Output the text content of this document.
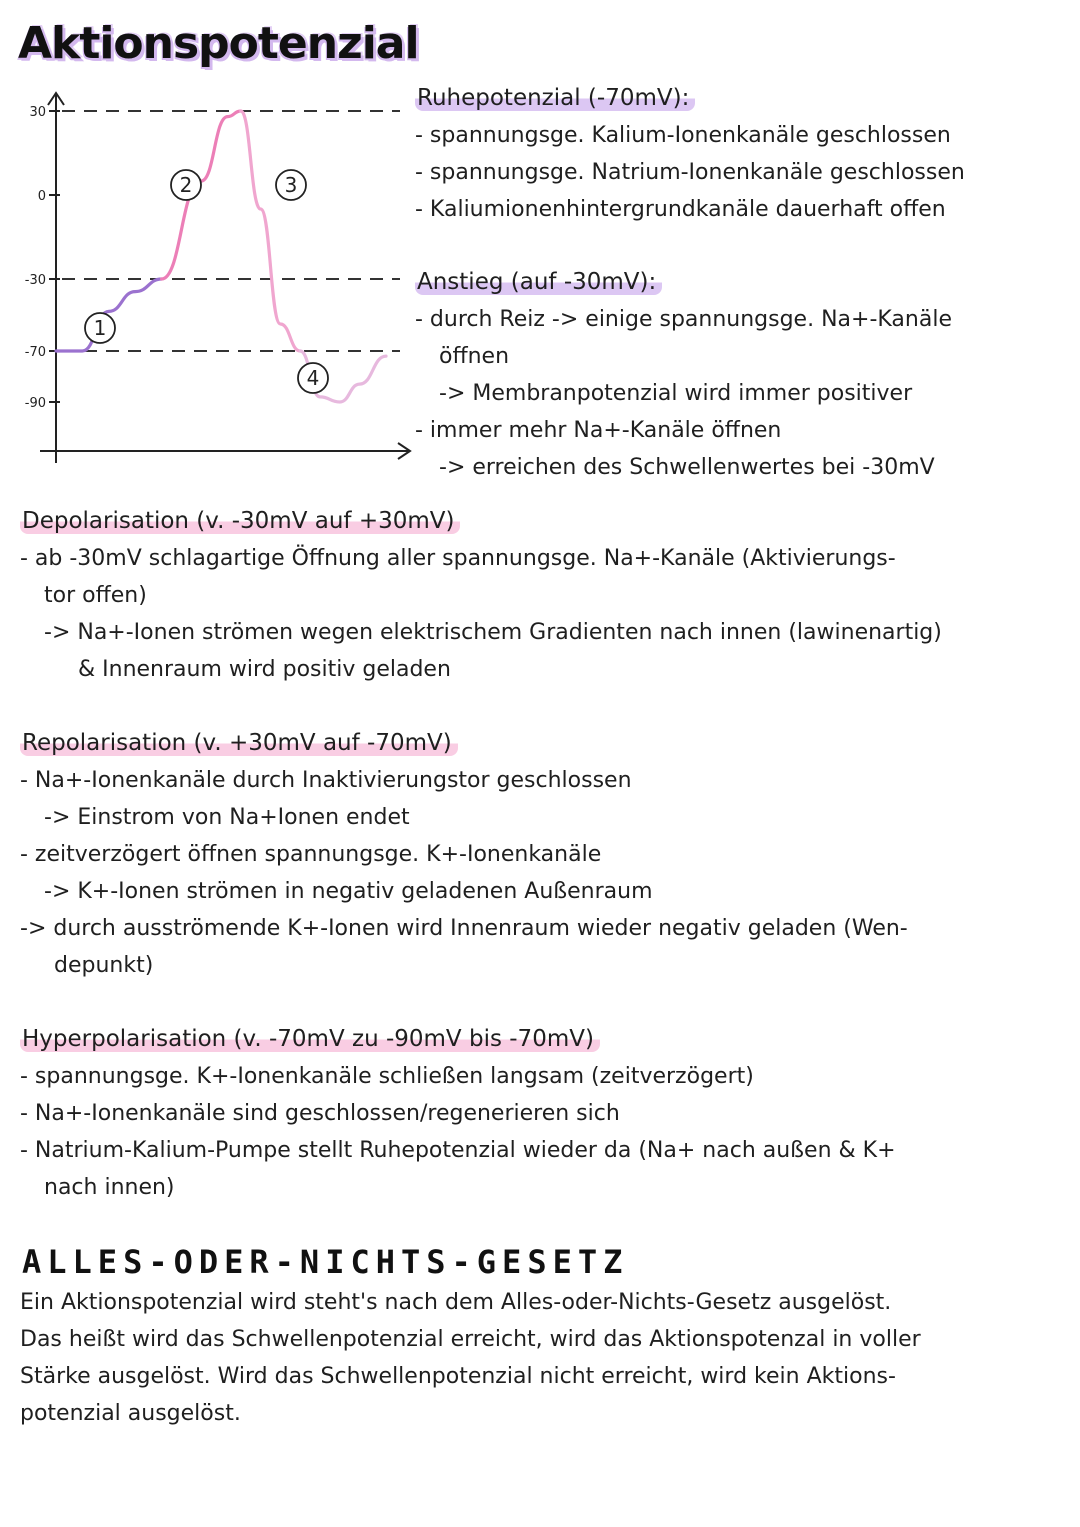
Aktionspotenzial
30
0
-30
-70
-90
1
2	3
4
Ruhepotenzial (-70mV):
- spannungsge. Kalium-Ionenkanäle geschlossen
- spannungsge. Natrium-Ionenkanäle geschlossen
- Kaliumionenhintergrundkanäle dauerhaft offen
Anstieg (auf -30mV):
- durch Reiz -> einige spannungsge. Na+-Kanäle
öffnen
-> Membranpotenzial wird immer positiver
- immer mehr Na+-Kanäle öffnen
-> erreichen des Schwellenwertes bei -30mV
Depolarisation (v. -30mV auf +30mV)
- ab -30mV schlagartige Öffnung aller spannungsge. Na+-Kanäle (Aktivierungs-
tor offen)
-> Na+-Ionen strömen wegen elektrischem Gradienten nach innen (lawinenartig)
& Innenraum wird positiv geladen
Repolarisation (v. +30mV auf -70mV)
- Na+-Ionenkanäle durch Inaktivierungstor geschlossen
-> Einstrom von Na+Ionen endet
- zeitverzögert öffnen spannungsge. K+-Ionenkanäle
-> K+-Ionen strömen in negativ geladenen Außenraum
-> durch ausströmende K+-Ionen wird Innenraum wieder negativ geladen (Wen-
depunkt)
Hyperpolarisation (v. -70mV zu -90mV bis -70mV)
- spannungsge. K+-Ionenkanäle schließen langsam (zeitverzögert)
- Na+-Ionenkanäle sind geschlossen/regenerieren sich
- Natrium-Kalium-Pumpe stellt Ruhepotenzial wieder da (Na+ nach außen & K+
nach innen)
ALLES-ODER-NICHTS-GESETZ
Ein Aktionspotenzial wird steht's nach dem Alles-oder-Nichts-Gesetz ausgelöst.
Das heißt wird das Schwellenpotenzial erreicht, wird das Aktionspotenzal in voller
Stärke ausgelöst. Wird das Schwellenpotenzial nicht erreicht, wird kein Aktions-
potenzial ausgelöst.
